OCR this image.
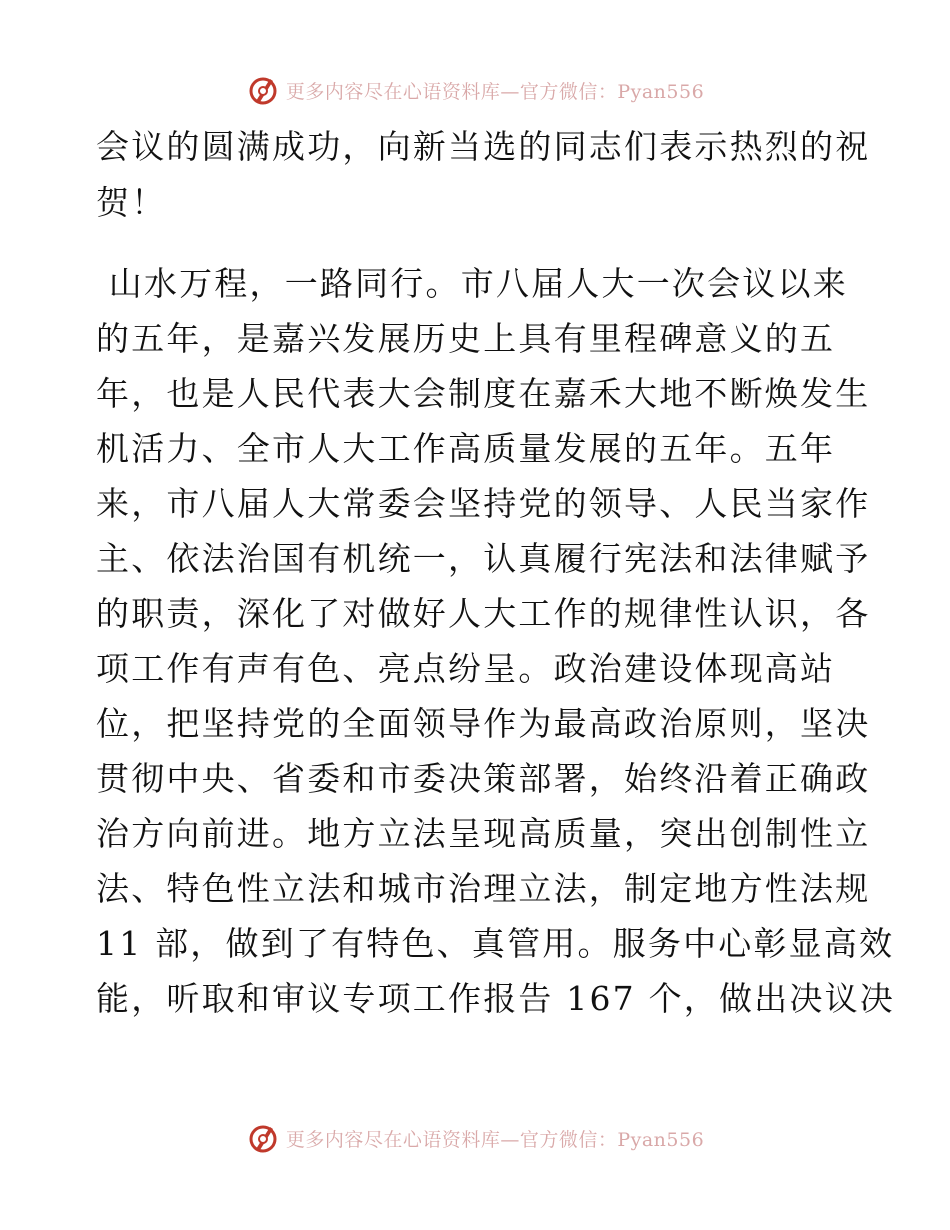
更多内容尽在心语资料库—官方微信：Pyan556
会议的圆满成功，向新当选的同志们表示热烈的祝
贺！
山水万程，一路同行。市八届人大一次会议以来
的五年，是嘉兴发展历史上具有里程碑意义的五
年，也是人民代表大会制度在嘉禾大地不断焕发生
机活力、全市人大工作高质量发展的五年。五年
来，市八届人大常委会坚持党的领导、人民当家作
主、依法治国有机统一，认真履行宪法和法律赋予
的职责，深化了对做好人大工作的规律性认识，各
项工作有声有色、亮点纷呈。政治建设体现高站
位，把坚持党的全面领导作为最高政治原则，坚决
贯彻中央、省委和市委决策部署，始终沿着正确政
治方向前进。地方立法呈现高质量，突出创制性立
法、特色性立法和城市治理立法，制定地方性法规
11 部，做到了有特色、真管用。服务中心彰显高效
能，听取和审议专项工作报告 167 个，做出决议决
更多内容尽在心语资料库—官方微信：Pyan556
